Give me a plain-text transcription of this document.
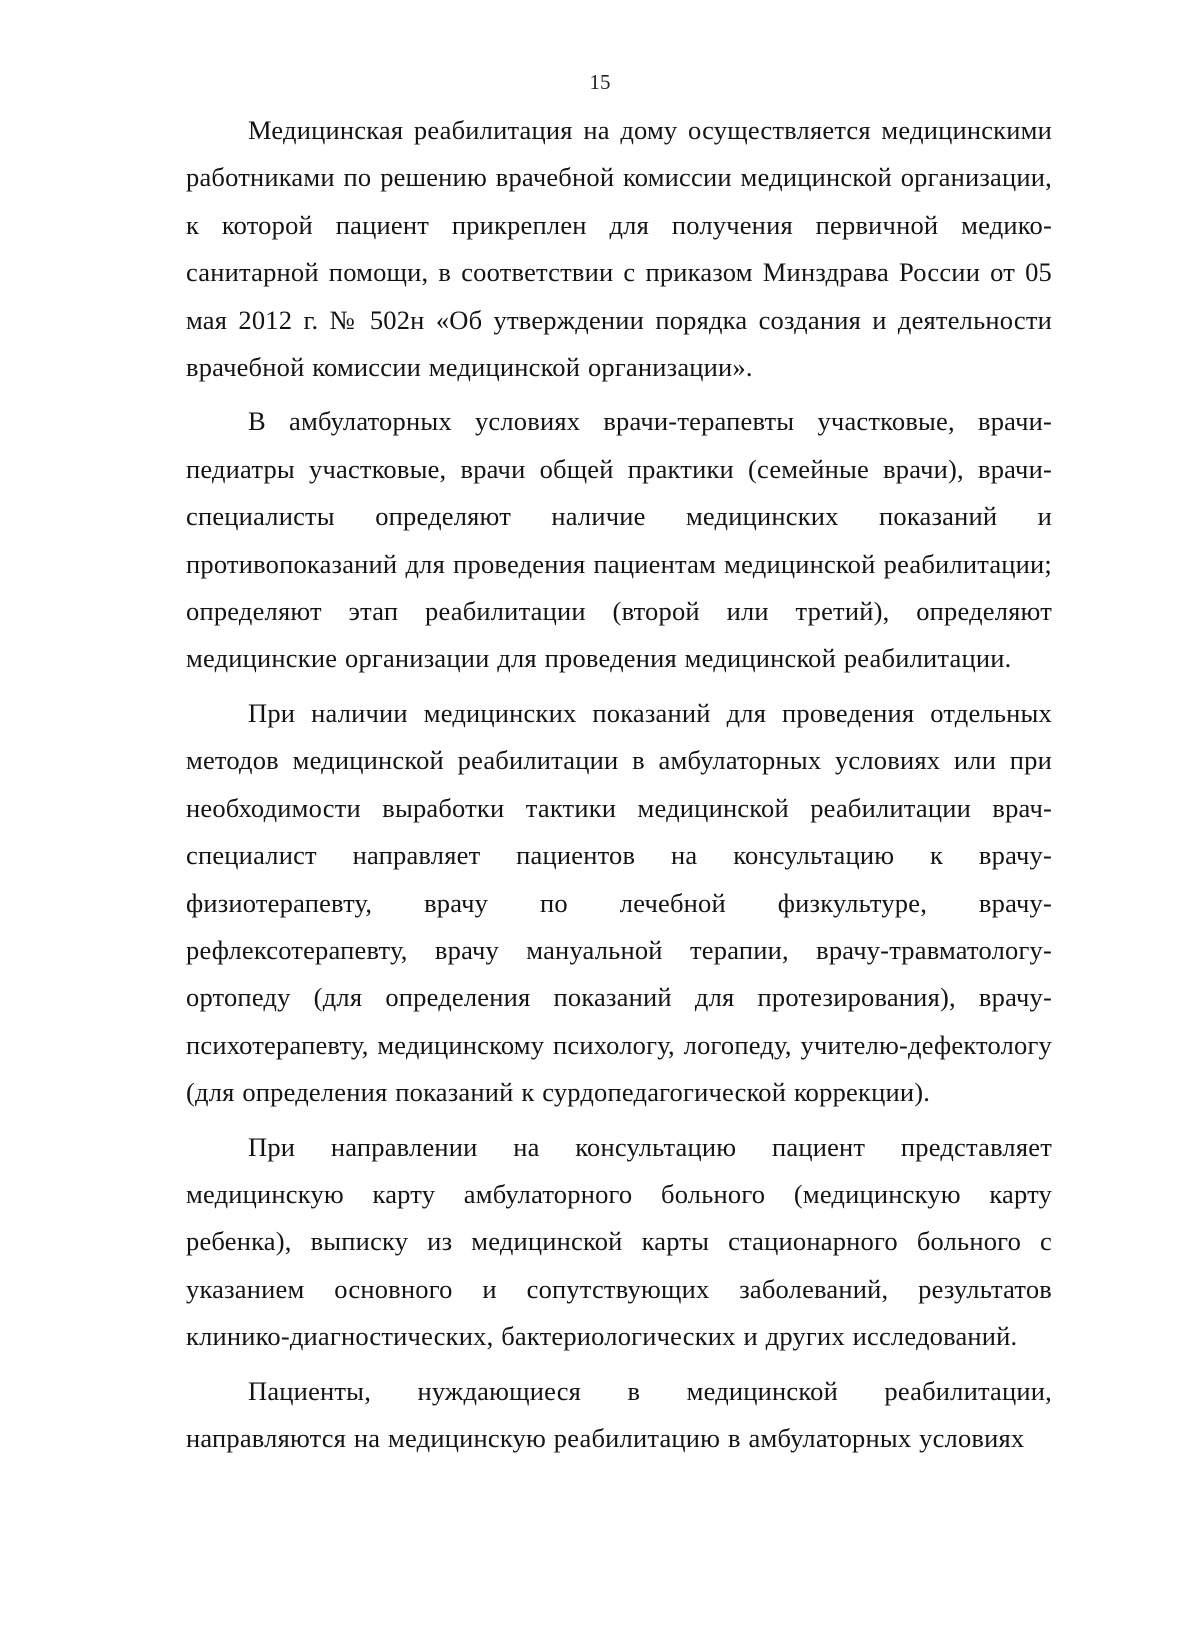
15

Медицинская реабилитация на дому осуществляется медицинскими работниками по решению врачебной комиссии медицинской организации, к которой пациент прикреплен для получения первичной медико-санитарной помощи, в соответствии с приказом Минздрава России от 05 мая 2012 г. № 502н «Об утверждении порядка создания и деятельности врачебной комиссии медицинской организации».

В амбулаторных условиях врачи-терапевты участковые, врачи-педиатры участковые, врачи общей практики (семейные врачи), врачи-специалисты определяют наличие медицинских показаний и противопоказаний для проведения пациентам медицинской реабилитации; определяют этап реабилитации (второй или третий), определяют медицинские организации для проведения медицинской реабилитации.

При наличии медицинских показаний для проведения отдельных методов медицинской реабилитации в амбулаторных условиях или при необходимости выработки тактики медицинской реабилитации врач-специалист направляет пациентов на консультацию к врачу-физиотерапевту, врачу по лечебной физкультуре, врачу-рефлексотерапевту, врачу мануальной терапии, врачу-травматологу-ортопеду (для определения показаний для протезирования), врачу-психотерапевту, медицинскому психологу, логопеду, учителю-дефектологу (для определения показаний к сурдопедагогической коррекции).

При направлении на консультацию пациент представляет медицинскую карту амбулаторного больного (медицинскую карту ребенка), выписку из медицинской карты стационарного больного с указанием основного и сопутствующих заболеваний, результатов клинико-диагностических, бактериологических и других исследований.

Пациенты, нуждающиеся в медицинской реабилитации, направляются на медицинскую реабилитацию в амбулаторных условиях
